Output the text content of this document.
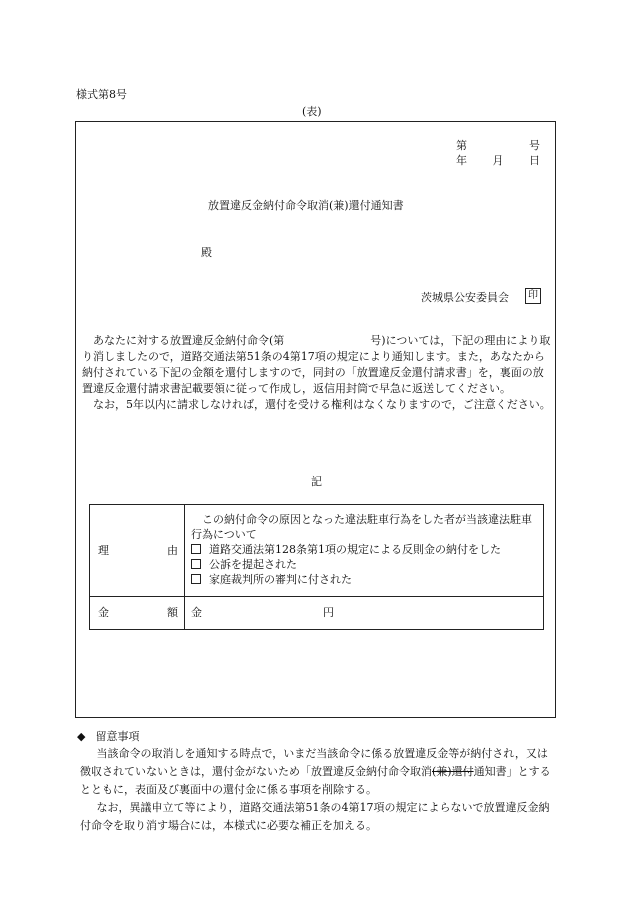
様式第8号
(表)
第	号
年 月 日
放置違反金納付命令取消(兼)還付通知書
殿
茨城県公安委員会	印

あなたに対する放置違反金納付命令(第	号)については，下記の理由により取り消しましたので，道路交通法第51条の4第17項の規定により通知します。また，あなたから納付されている下記の金額を還付しますので，同封の「放置違反金還付請求書」を，裏面の放置違反金還付請求書記載要領に従って作成し，返信用封筒で早急に返送してください。

なお，5年以内に請求しなければ，還付を受ける権利はなくなりますので，ご注意ください。

記
理	由
この納付命令の原因となった違法駐車行為をした者が当該違法駐車行為について
道路交通法第128条第1項の規定による反則金の納付をした
公訴を提起された
家庭裁判所の審判に付された
金	額 金	円
◆ 留意事項

当該命令の取消しを通知する時点で，いまだ当該命令に係る放置違反金等が納付され，又は徴収されていないときは，還付金がないため「放置違反金納付命令取消(兼)還付通知書」とするとともに，表面及び裏面中の還付金に係る事項を削除する。

なお，異議申立て等により，道路交通法第51条の4第17項の規定によらないで放置違反金納付命令を取り消す場合には，本様式に必要な補正を加える。
